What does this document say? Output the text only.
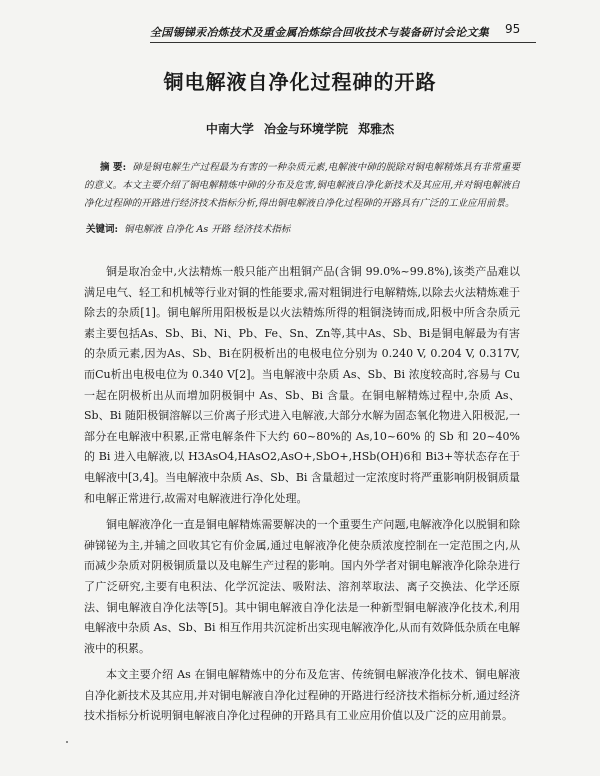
全国锡锑汞冶炼技术及重金属冶炼综合回收技术与装备研讨会论文集 95
铜电解液自净化过程砷的开路
中南大学 冶金与环境学院 郑雅杰
摘 要: 砷是铜电解生产过程最为有害的一种杂质元素,电解液中砷的脱除对铜电解精炼具有非常重要的意义。本文主要介绍了铜电解精炼中砷的分布及危害,铜电解液自净化新技术及其应用,并对铜电解液自净化过程砷的开路进行经济技术指标分析,得出铜电解液自净化过程砷的开路具有广泛的工业应用前景。
关键词: 铜电解液 自净化 As 开路 经济技术指标

铜是取冶金中,火法精炼一般只能产出粗铜产品(含铜 99.0%~99.8%),该类产品难以满足电气、轻工和机械等行业对铜的性能要求,需对粗铜进行电解精炼,以除去火法精炼难于除去的杂质[1]。铜电解所用阳极板是以火法精炼所得的粗铜浇铸而成,阳极中所含杂质元素主要包括As、Sb、Bi、Ni、Pb、Fe、Sn、Zn等,其中As、Sb、Bi是铜电解最为有害的杂质元素,因为As、Sb、Bi在阴极析出的电极电位分别为 0.240 V, 0.204 V, 0.317V, 而Cu析出电极电位为 0.340 V[2]。当电解液中杂质 As、Sb、Bi 浓度较高时,容易与 Cu 一起在阴极析出从而增加阴极铜中 As、Sb、Bi 含量。在铜电解精炼过程中,杂质 As、Sb、Bi 随阳极铜溶解以三价离子形式进入电解液,大部分水解为固态氧化物进入阳极泥,一部分在电解液中积累,正常电解条件下大约 60~80%的 As,10~60% 的 Sb 和 20~40%的 Bi 进入电解液,以 H3AsO4,HAsO2,AsO+,SbO+,HSb(OH)6和 Bi3+等状态存在于电解液中[3,4]。当电解液中杂质 As、Sb、Bi 含量超过一定浓度时将严重影响阴极铜质量和电解正常进行,故需对电解液进行净化处理。

铜电解液净化一直是铜电解精炼需要解决的一个重要生产问题,电解液净化以脱铜和除砷锑铋为主,并辅之回收其它有价金属,通过电解液净化使杂质浓度控制在一定范围之内,从而减少杂质对阴极铜质量以及电解生产过程的影响。国内外学者对铜电解液净化除杂进行了广泛研究,主要有电积法、化学沉淀法、吸附法、溶剂萃取法、离子交换法、化学还原法、铜电解液自净化法等[5]。其中铜电解液自净化法是一种新型铜电解液净化技术,利用电解液中杂质 As、Sb、Bi 相互作用共沉淀析出实现电解液净化,从而有效降低杂质在电解液中的积累。

本文主要介绍 As 在铜电解精炼中的分布及危害、传统铜电解液净化技术、铜电解液自净化新技术及其应用,并对铜电解液自净化过程砷的开路进行经济技术指标分析,通过经济技术指标分析说明铜电解液自净化过程砷的开路具有工业应用价值以及广泛的应用前景。
